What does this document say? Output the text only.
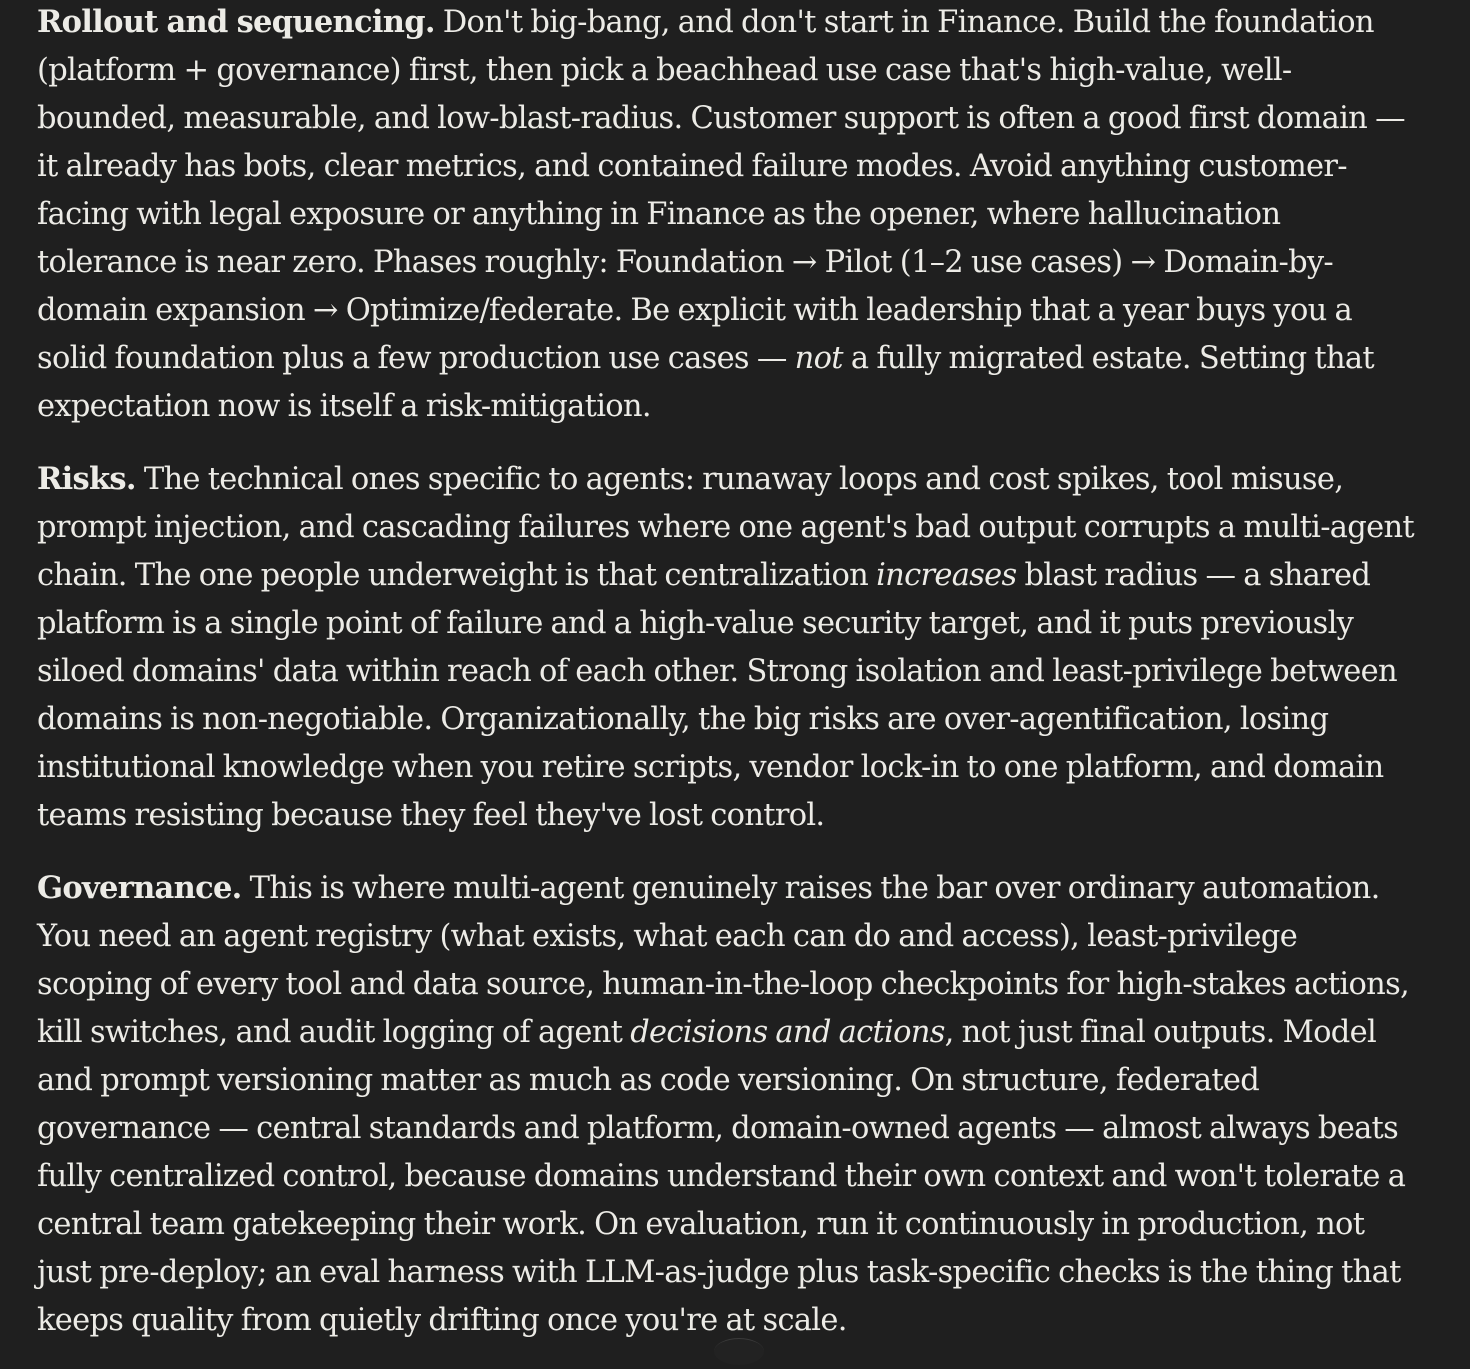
Rollout and sequencing. Don't big-bang, and don't start in Finance. Build the foundation (platform + governance) first, then pick a beachhead use case that's high-value, well-bounded, measurable, and low-blast-radius. Customer support is often a good first domain — it already has bots, clear metrics, and contained failure modes. Avoid anything customer-facing with legal exposure or anything in Finance as the opener, where hallucination tolerance is near zero. Phases roughly: Foundation → Pilot (1–2 use cases) → Domain-by-domain expansion → Optimize/federate. Be explicit with leadership that a year buys you a solid foundation plus a few production use cases — not a fully migrated estate. Setting that expectation now is itself a risk-mitigation.

Risks. The technical ones specific to agents: runaway loops and cost spikes, tool misuse, prompt injection, and cascading failures where one agent's bad output corrupts a multi-agent chain. The one people underweight is that centralization increases blast radius — a shared platform is a single point of failure and a high-value security target, and it puts previously siloed domains' data within reach of each other. Strong isolation and least-privilege between domains is non-negotiable. Organizationally, the big risks are over-agentification, losing institutional knowledge when you retire scripts, vendor lock-in to one platform, and domain teams resisting because they feel they've lost control.

Governance. This is where multi-agent genuinely raises the bar over ordinary automation. You need an agent registry (what exists, what each can do and access), least-privilege scoping of every tool and data source, human-in-the-loop checkpoints for high-stakes actions, kill switches, and audit logging of agent decisions and actions, not just final outputs. Model and prompt versioning matter as much as code versioning. On structure, federated governance — central standards and platform, domain-owned agents — almost always beats fully centralized control, because domains understand their own context and won't tolerate a central team gatekeeping their work. On evaluation, run it continuously in production, not just pre-deploy; an eval harness with LLM-as-judge plus task-specific checks is the thing that keeps quality from quietly drifting once you're at scale.
